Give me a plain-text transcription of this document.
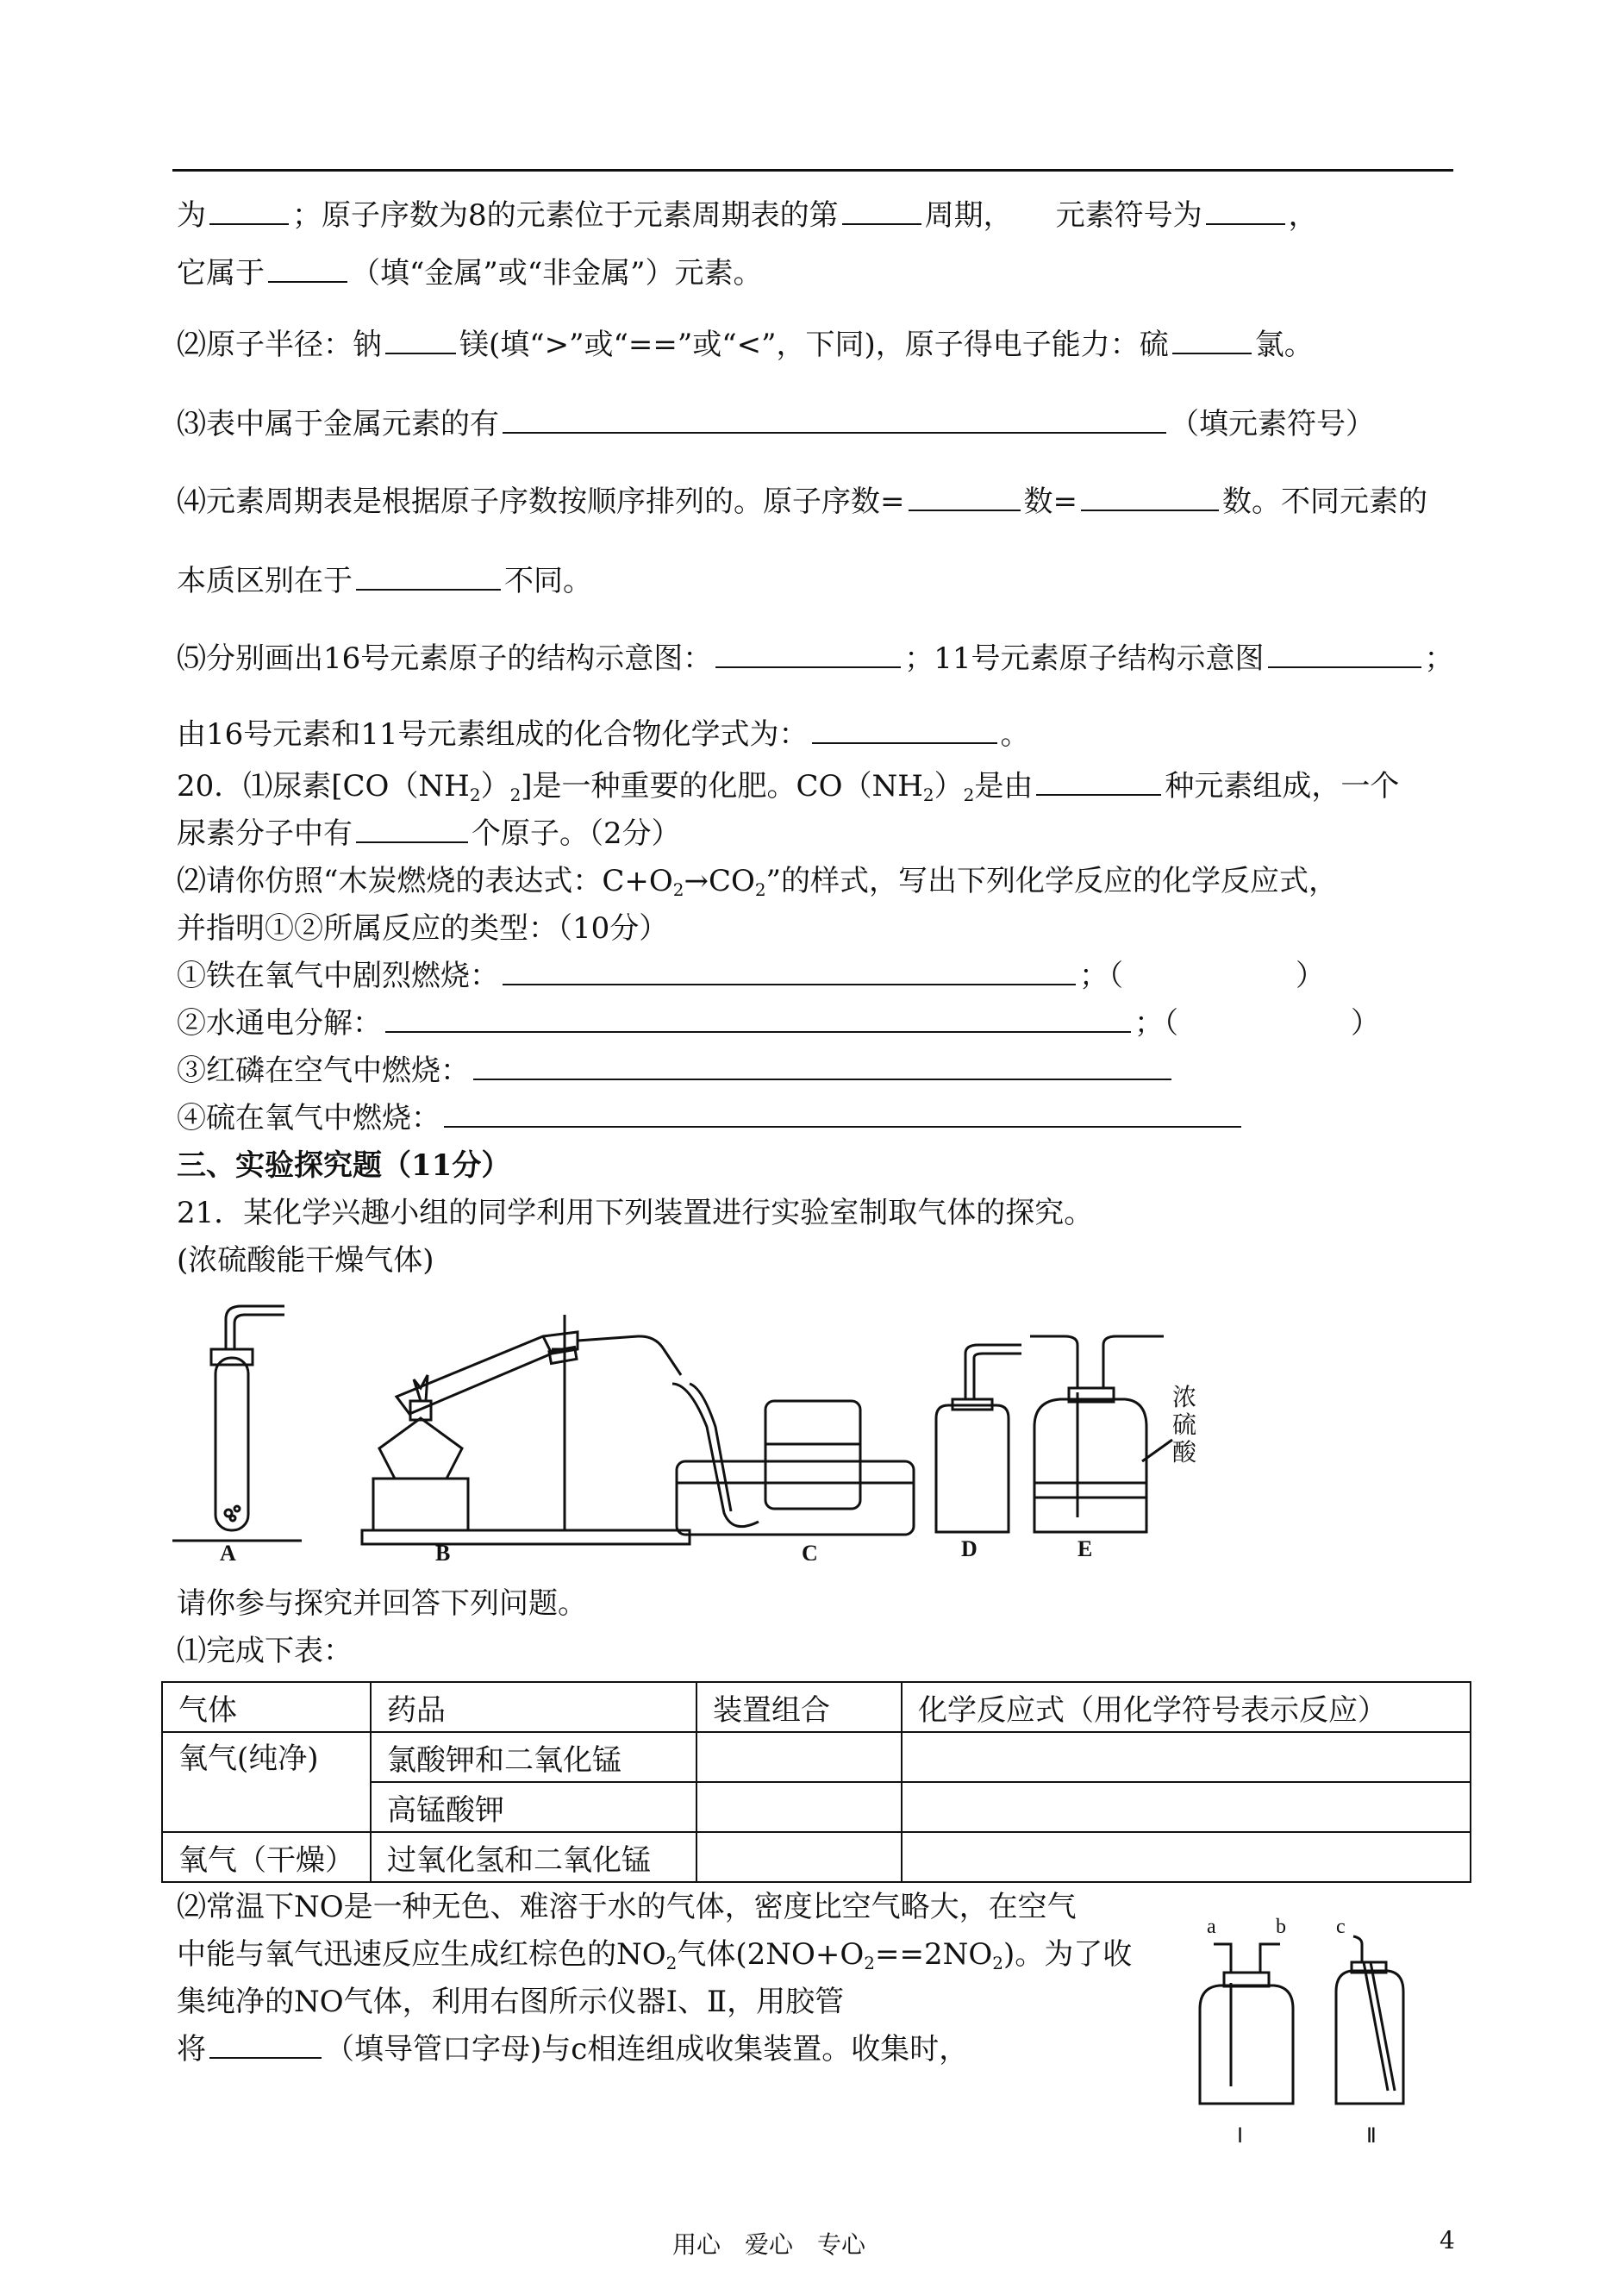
为	；原子序数为8的元素位于元素周期表的第	周期， 元素符号为	，
它属于	（填“金属”或“非金属”）元素。
⑵原子半径：钠	镁(填“>”或“==”或“<”，下同)，原子得电子能力：硫	氯。
⑶表中属于金属元素的有	（填元素符号）
⑷元素周期表是根据原子序数按顺序排列的。原子序数=	数=	数。不同元素的
本质区别在于	不同。
⑸分别画出16号元素原子的结构示意图：	；11号元素原子结构示意图	；
由16号元素和11号元素组成的化合物化学式为：	。
20．⑴尿素$[CO(NH_2)_2]$是一种重要的化肥。$CO(NH_2)_2$是由	种元素组成，一个
尿素分子中有	个原子。（2分）
⑵请你仿照“木炭燃烧的表达式：$C+O_2\to CO_2$”的样式，写出下列化学反应的化学反应式，
并指明①②所属反应的类型：（10分）
①铁在氧气中剧烈燃烧：	；（	）
②水通电分解：	；（	）
③红磷在空气中燃烧：
④硫在氧气中燃烧：
三、实验探究题（11分）
21．某化学兴趣小组的同学利用下列装置进行实验室制取气体的探究。
(浓硫酸能干燥气体)
A	B	C	D	E
浓
硫
酸
请你参与探究并回答下列问题。
⑴完成下表：
气体	药品	装置组合	化学反应式（用化学符号表示反应）
氧气(纯净)	氯酸钾和二氧化锰		
	高锰酸钾		
氧气（干燥）	过氧化氢和二氧化锰		
⑵常温下NO是一种无色、难溶于水的气体，密度比空气略大，在空气
中能与氧气迅速反应生成红棕色的$NO_2$气体$(2NO+O_2==2NO_2)$。为了收
集纯净的NO气体，利用右图所示仪器Ⅰ、Ⅱ，用胶管
将	（填导管口字母)与c相连组成收集装置。收集时，
a	b c
Ⅰ	Ⅱ
用心　爱心　专心	4
